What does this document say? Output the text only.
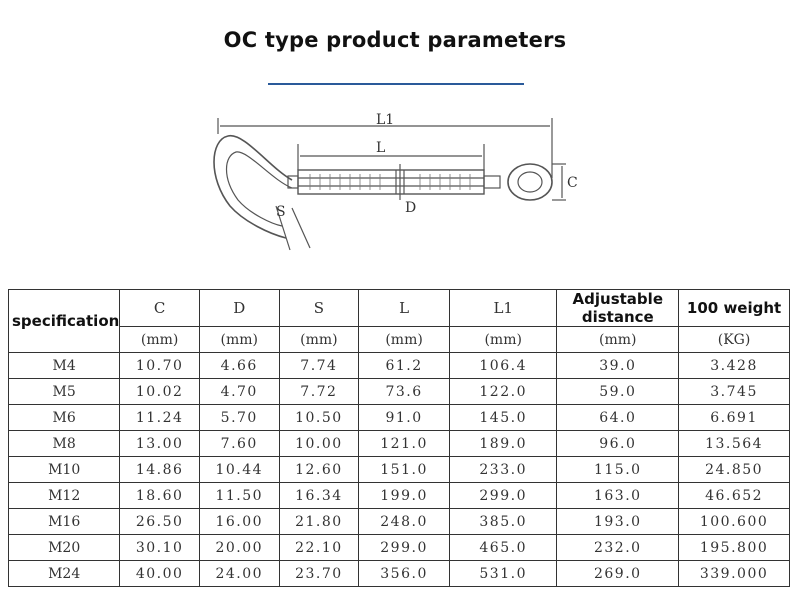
OC type product parameters
L1
L
D
C
S
specification	C	D	S	L	L1	Adjustable distance	100 weight
	(mm)	(mm)	(mm)	(mm)	(mm)	(mm)	(KG)
M4	10.70	4.66	7.74	61.2	106.4	39.0	3.428
M5	10.02	4.70	7.72	73.6	122.0	59.0	3.745
M6	11.24	5.70	10.50	91.0	145.0	64.0	6.691
M8	13.00	7.60	10.00	121.0	189.0	96.0	13.564
M10	14.86	10.44	12.60	151.0	233.0	115.0	24.850
M12	18.60	11.50	16.34	199.0	299.0	163.0	46.652
M16	26.50	16.00	21.80	248.0	385.0	193.0	100.600
M20	30.10	20.00	22.10	299.0	465.0	232.0	195.800
M24	40.00	24.00	23.70	356.0	531.0	269.0	339.000
